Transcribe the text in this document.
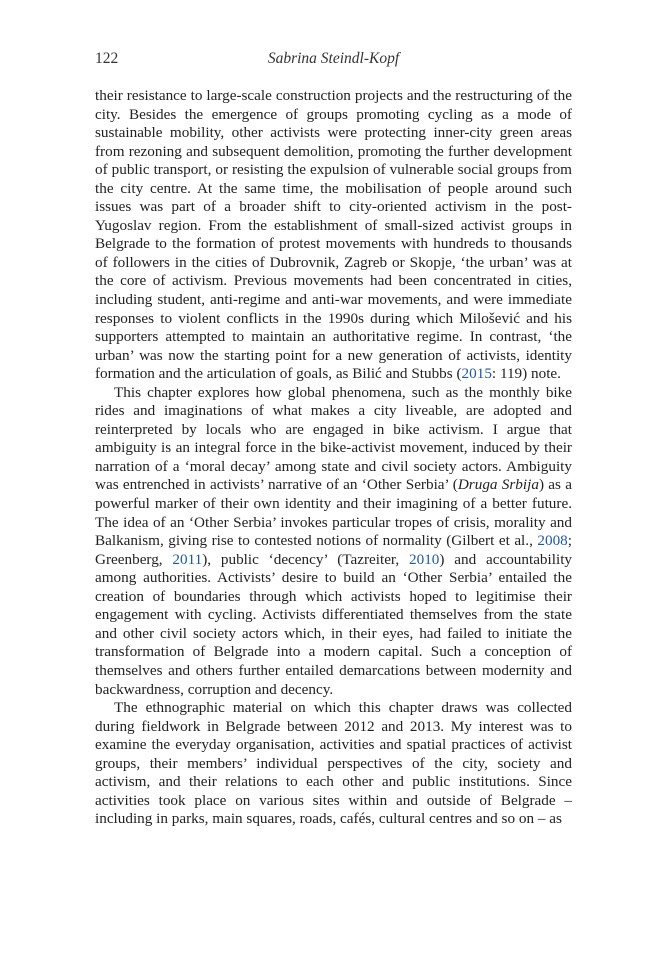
122	Sabrina Steindl-Kopf

their resistance to large-scale construction projects and the restructuring of the city. Besides the emergence of groups promoting cycling as a mode of sustainable mobility, other activists were protecting inner-city green areas from rezoning and subsequent demolition, promoting the further development of public transport, or resisting the expulsion of vulnerable social groups from the city centre. At the same time, the mobilisation of people around such issues was part of a broader shift to city-oriented activism in the post-Yugoslav region. From the establishment of small-sized activist groups in Belgrade to the formation of protest movements with hundreds to thousands of followers in the cities of Dubrovnik, Zagreb or Skopje, ‘the urban’ was at the core of activism. Previous movements had been concentrated in cities, including student, anti-regime and anti-war movements, and were immediate responses to violent conflicts in the 1990s during which Milošević and his supporters attempted to maintain an authoritative regime. In contrast, ‘the urban’ was now the starting point for a new generation of activists, identity formation and the articulation of goals, as Bilić and Stubbs (2015: 119) note.

This chapter explores how global phenomena, such as the monthly bike rides and imaginations of what makes a city liveable, are adopted and reinterpreted by locals who are engaged in bike activism. I argue that ambiguity is an integral force in the bike-activist movement, induced by their narration of a ‘moral decay’ among state and civil society actors. Ambiguity was entrenched in activists’ narrative of an ‘Other Serbia’ (Druga Srbija) as a powerful marker of their own identity and their imagining of a better future. The idea of an ‘Other Serbia’ invokes particular tropes of crisis, morality and Balkanism, giving rise to contested notions of normality (Gilbert et al., 2008; Greenberg, 2011), public ‘decency’ (Tazreiter, 2010) and accountability among authorities. Activists’ desire to build an ‘Other Serbia’ entailed the creation of boundaries through which activists hoped to legitimise their engagement with cycling. Activists differentiated themselves from the state and other civil society actors which, in their eyes, had failed to initiate the transformation of Belgrade into a modern capital. Such a conception of themselves and others further entailed demarcations between modernity and backwardness, corruption and decency.

The ethnographic material on which this chapter draws was collected during fieldwork in Belgrade between 2012 and 2013. My interest was to examine the everyday organisation, activities and spatial practices of activist groups, their members’ individual perspectives of the city, society and activism, and their relations to each other and public institutions. Since activities took place on various sites within and outside of Belgrade – including in parks, main squares, roads, cafés, cultural centres and so on – as
